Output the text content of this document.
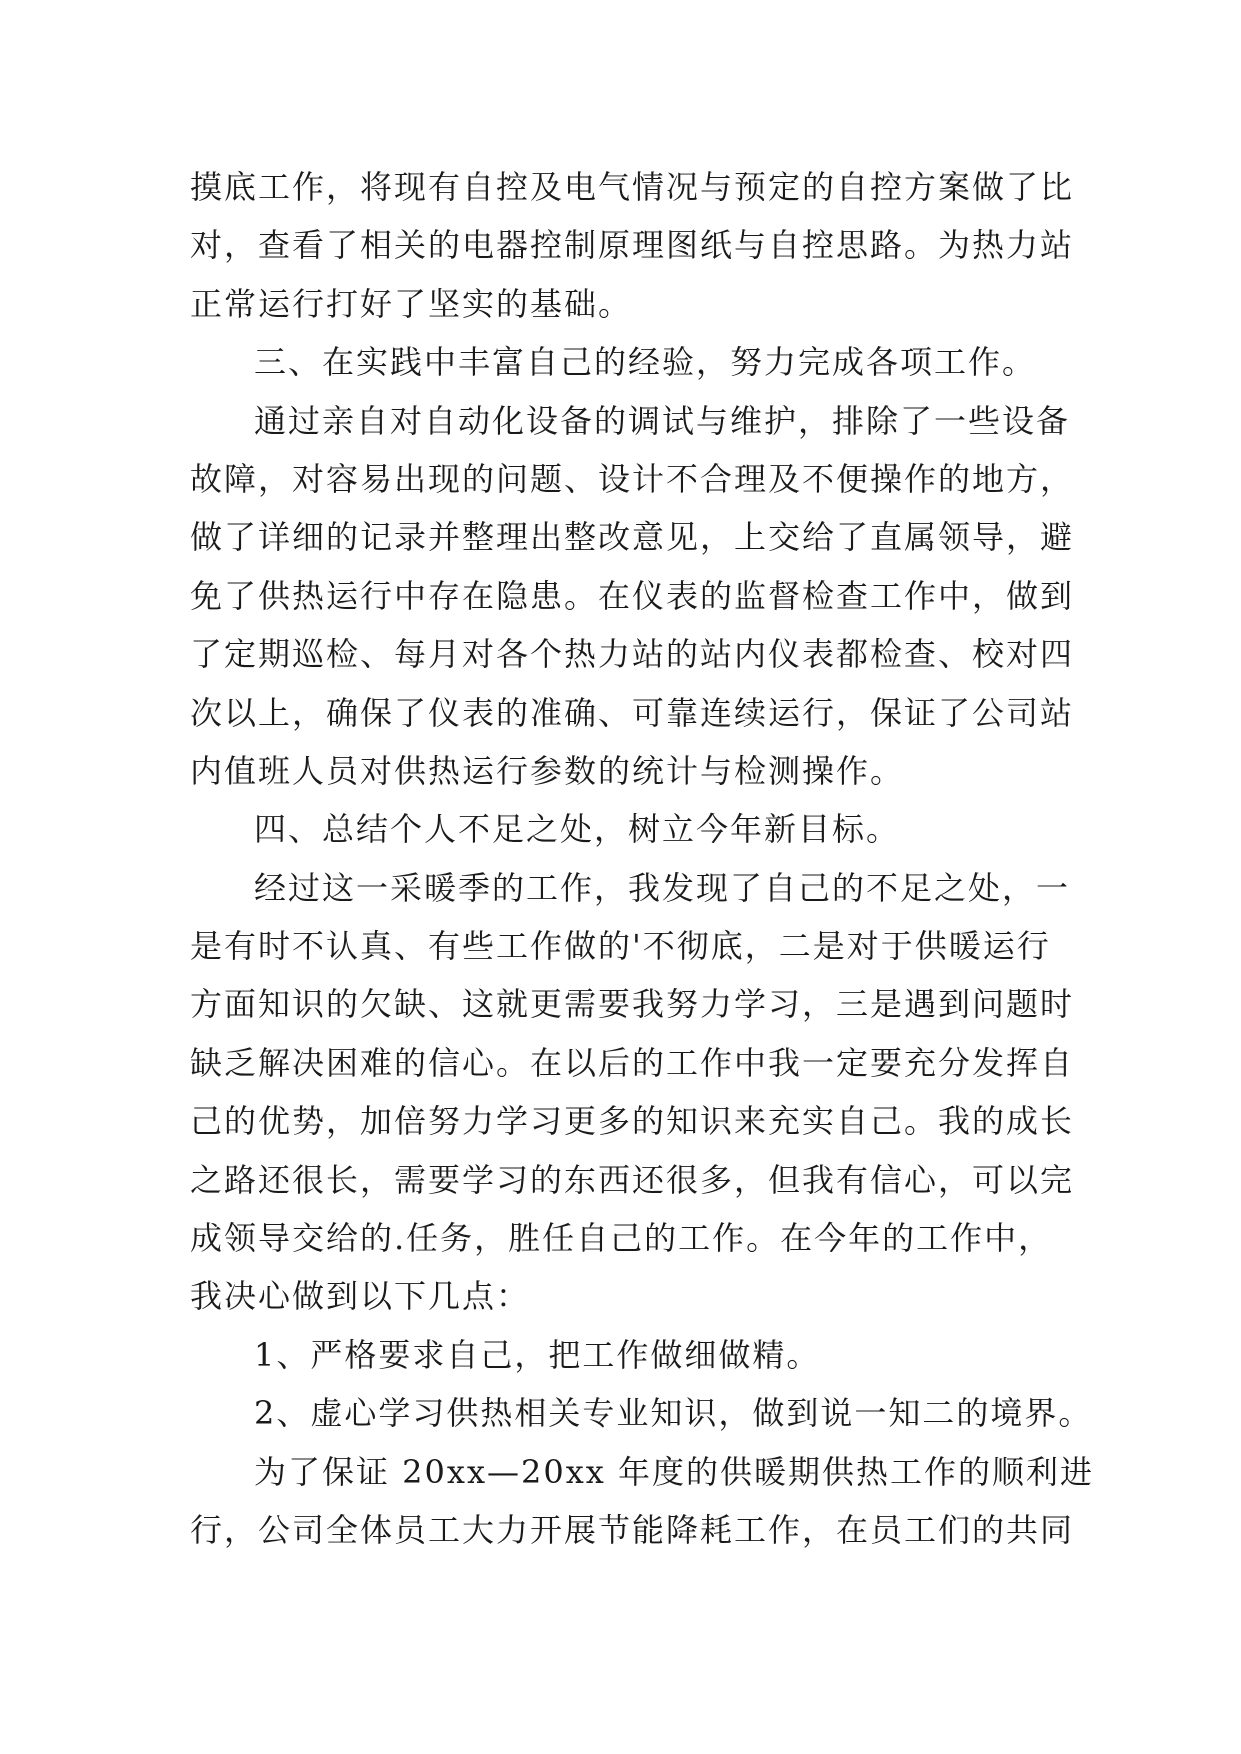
摸底工作，将现有自控及电气情况与预定的自控方案做了比
对，查看了相关的电器控制原理图纸与自控思路。为热力站
正常运行打好了坚实的基础。
三、在实践中丰富自己的经验，努力完成各项工作。
通过亲自对自动化设备的调试与维护，排除了一些设备
故障，对容易出现的问题、设计不合理及不便操作的地方，
做了详细的记录并整理出整改意见，上交给了直属领导，避
免了供热运行中存在隐患。在仪表的监督检查工作中，做到
了定期巡检、每月对各个热力站的站内仪表都检查、校对四
次以上，确保了仪表的准确、可靠连续运行，保证了公司站
内值班人员对供热运行参数的统计与检测操作。
四、总结个人不足之处，树立今年新目标。
经过这一采暖季的工作，我发现了自己的不足之处，一
是有时不认真、有些工作做的'不彻底，二是对于供暖运行
方面知识的欠缺、这就更需要我努力学习，三是遇到问题时
缺乏解决困难的信心。在以后的工作中我一定要充分发挥自
己的优势，加倍努力学习更多的知识来充实自己。我的成长
之路还很长，需要学习的东西还很多，但我有信心，可以完
成领导交给的.任务，胜任自己的工作。在今年的工作中，
我决心做到以下几点：
1、严格要求自己，把工作做细做精。
2、虚心学习供热相关专业知识，做到说一知二的境界。
为了保证 20xx—20xx 年度的供暖期供热工作的顺利进
行，公司全体员工大力开展节能降耗工作，在员工们的共同
